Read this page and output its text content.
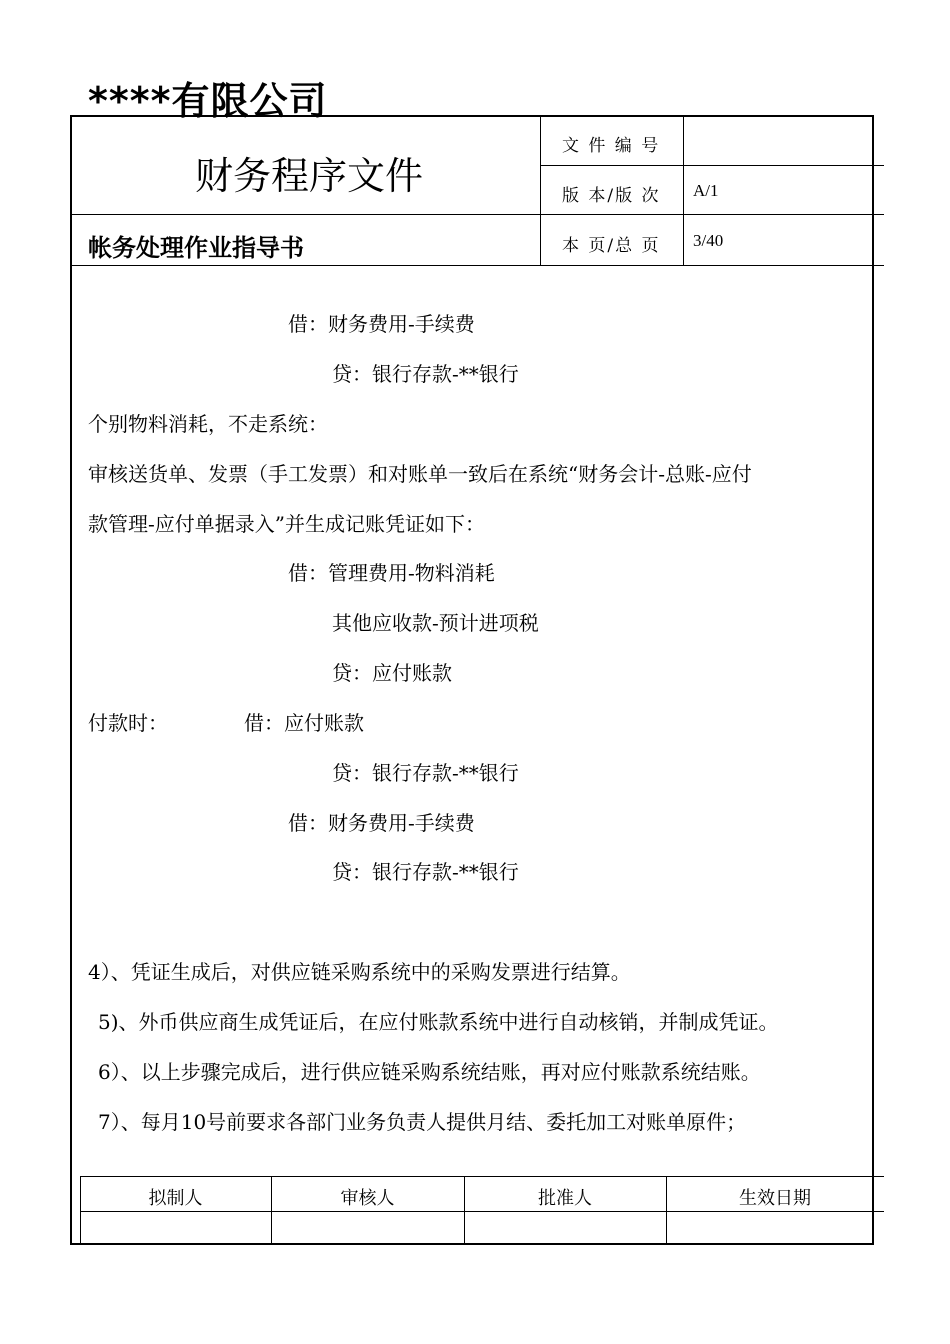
****有限公司
财务程序文件
帐务处理作业指导书
文 件 编 号
版 本/版 次 A/1
本 页/总 页 3/40
借：财务费用-手续费
贷：银行存款-**银行
个别物料消耗，不走系统：
审核送货单、发票（手工发票）和对账单一致后在系统“财务会计-总账-应付
款管理-应付单据录入”并生成记账凭证如下：
借：管理费用-物料消耗
其他应收款-预计进项税
贷：应付账款
付款时：	借：应付账款
贷：银行存款-**银行
借：财务费用-手续费
贷：银行存款-**银行
4）、凭证生成后，对供应链采购系统中的采购发票进行结算。
5)、外币供应商生成凭证后，在应付账款系统中进行自动核销，并制成凭证。
6）、以上步骤完成后，进行供应链采购系统结账，再对应付账款系统结账。
7）、每月10号前要求各部门业务负责人提供月结、委托加工对账单原件；
拟制人	审核人	批准人	生效日期
